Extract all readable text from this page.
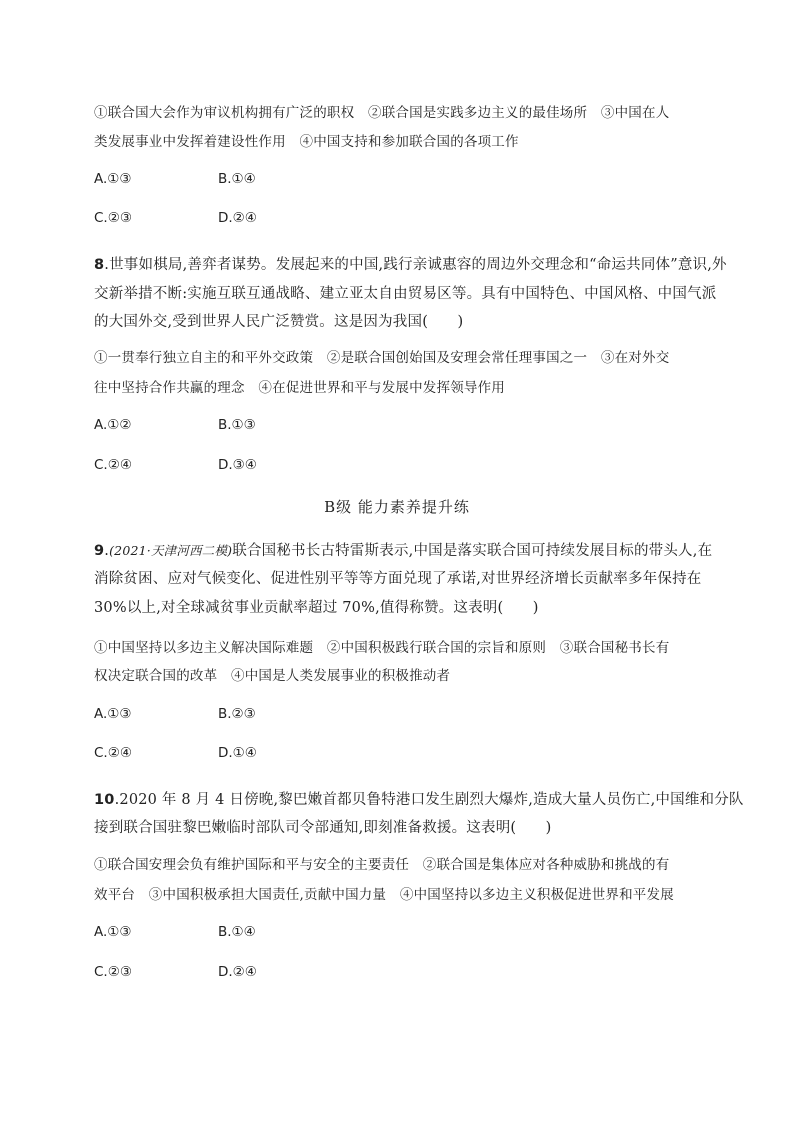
①联合国大会作为审议机构拥有广泛的职权　②联合国是实践多边主义的最佳场所　③中国在人
类发展事业中发挥着建设性作用　④中国支持和参加联合国的各项工作
A.①③	B.①④
C.②③	D.②④
8.世事如棋局,善弈者谋势。发展起来的中国,践行亲诚惠容的周边外交理念和“命运共同体”意识,外
交新举措不断:实施互联互通战略、建立亚太自由贸易区等。具有中国特色、中国风格、中国气派
的大国外交,受到世界人民广泛赞赏。这是因为我国(　　)
①一贯奉行独立自主的和平外交政策　②是联合国创始国及安理会常任理事国之一　③在对外交
往中坚持合作共赢的理念　④在促进世界和平与发展中发挥领导作用
A.①②	B.①③
C.②④	D.③④
B级 能力素养提升练
9.(2021·天津河西二模)联合国秘书长古特雷斯表示,中国是落实联合国可持续发展目标的带头人,在
消除贫困、应对气候变化、促进性别平等等方面兑现了承诺,对世界经济增长贡献率多年保持在
30%以上,对全球减贫事业贡献率超过 70%,值得称赞。这表明(　　)
①中国坚持以多边主义解决国际难题　②中国积极践行联合国的宗旨和原则　③联合国秘书长有
权决定联合国的改革　④中国是人类发展事业的积极推动者
A.①③	B.②③
C.②④	D.①④
10.2020 年 8 月 4 日傍晚,黎巴嫩首都贝鲁特港口发生剧烈大爆炸,造成大量人员伤亡,中国维和分队
接到联合国驻黎巴嫩临时部队司令部通知,即刻准备救援。这表明(　　)
①联合国安理会负有维护国际和平与安全的主要责任　②联合国是集体应对各种威胁和挑战的有
效平台　③中国积极承担大国责任,贡献中国力量　④中国坚持以多边主义积极促进世界和平发展
A.①③	B.①④
C.②③	D.②④
